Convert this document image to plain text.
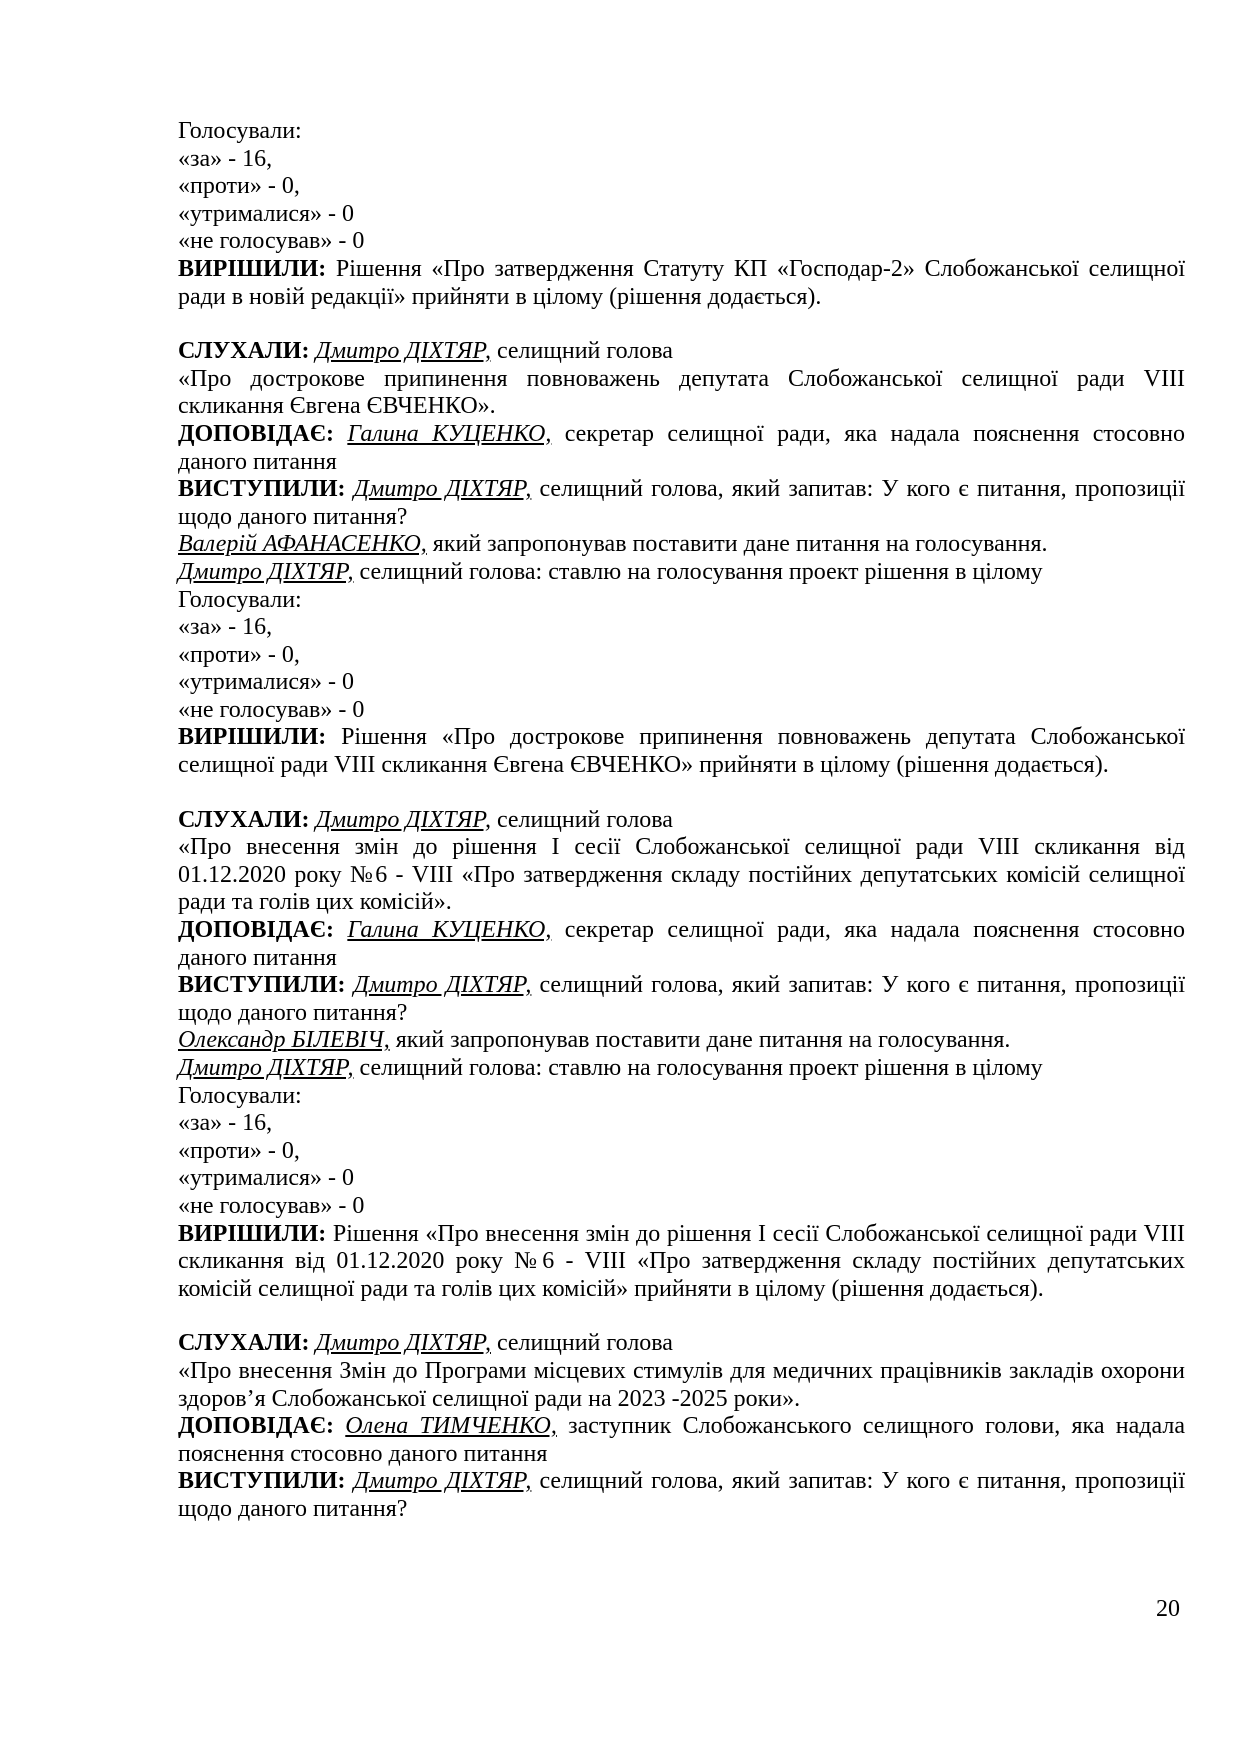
Голосували:
«за» - 16,
«проти» - 0,
«утрималися» - 0
«не голосував» - 0

ВИРІШИЛИ: Рішення «Про затвердження Статуту КП «Господар-2» Слобожанської селищної ради в новій редакції» прийняти в цілому (рішення додається).

СЛУХАЛИ: Дмитро ДІХТЯР, селищний голова

«Про дострокове припинення повноважень депутата Слобожанської селищної ради VIII скликання Євгена ЄВЧЕНКО».

ДОПОВІДАЄ: Галина КУЦЕНКО, секретар селищної ради, яка надала пояснення стосовно даного питання

ВИСТУПИЛИ: Дмитро ДІХТЯР, селищний голова, який запитав: У кого є питання, пропозиції щодо даного питання?

Валерій АФАНАСЕНКО, який запропонував поставити дане питання на голосування.

Дмитро ДІХТЯР, селищний голова: ставлю на голосування проект рішення в цілому

Голосували:
«за» - 16,
«проти» - 0,
«утрималися» - 0
«не голосував» - 0

ВИРІШИЛИ: Рішення «Про дострокове припинення повноважень депутата Слобожанської селищної ради VIII скликання Євгена ЄВЧЕНКО» прийняти в цілому (рішення додається).

СЛУХАЛИ: Дмитро ДІХТЯР, селищний голова

«Про внесення змін до рішення І сесії Слобожанської селищної ради VIII скликання від 01.12.2020 року №6 - VIII «Про затвердження складу постійних депутатських комісій селищної ради та голів цих комісій».

ДОПОВІДАЄ: Галина КУЦЕНКО, секретар селищної ради, яка надала пояснення стосовно даного питання

ВИСТУПИЛИ: Дмитро ДІХТЯР, селищний голова, який запитав: У кого є питання, пропозиції щодо даного питання?

Олександр БІЛЕВІЧ, який запропонував поставити дане питання на голосування.

Дмитро ДІХТЯР, селищний голова: ставлю на голосування проект рішення в цілому

Голосували:
«за» - 16,
«проти» - 0,
«утрималися» - 0
«не голосував» - 0

ВИРІШИЛИ: Рішення «Про внесення змін до рішення І сесії Слобожанської селищної ради VIII скликання від 01.12.2020 року №6 - VIII «Про затвердження складу постійних депутатських комісій селищної ради та голів цих комісій» прийняти в цілому (рішення додається).

СЛУХАЛИ: Дмитро ДІХТЯР, селищний голова

«Про внесення Змін до Програми місцевих стимулів для медичних працівників закладів охорони здоров’я Слобожанської селищної ради на 2023 -2025 роки».

ДОПОВІДАЄ: Олена ТИМЧЕНКО, заступник Слобожанського селищного голови, яка надала пояснення стосовно даного питання

ВИСТУПИЛИ: Дмитро ДІХТЯР, селищний голова, який запитав: У кого є питання, пропозиції щодо даного питання?

20
